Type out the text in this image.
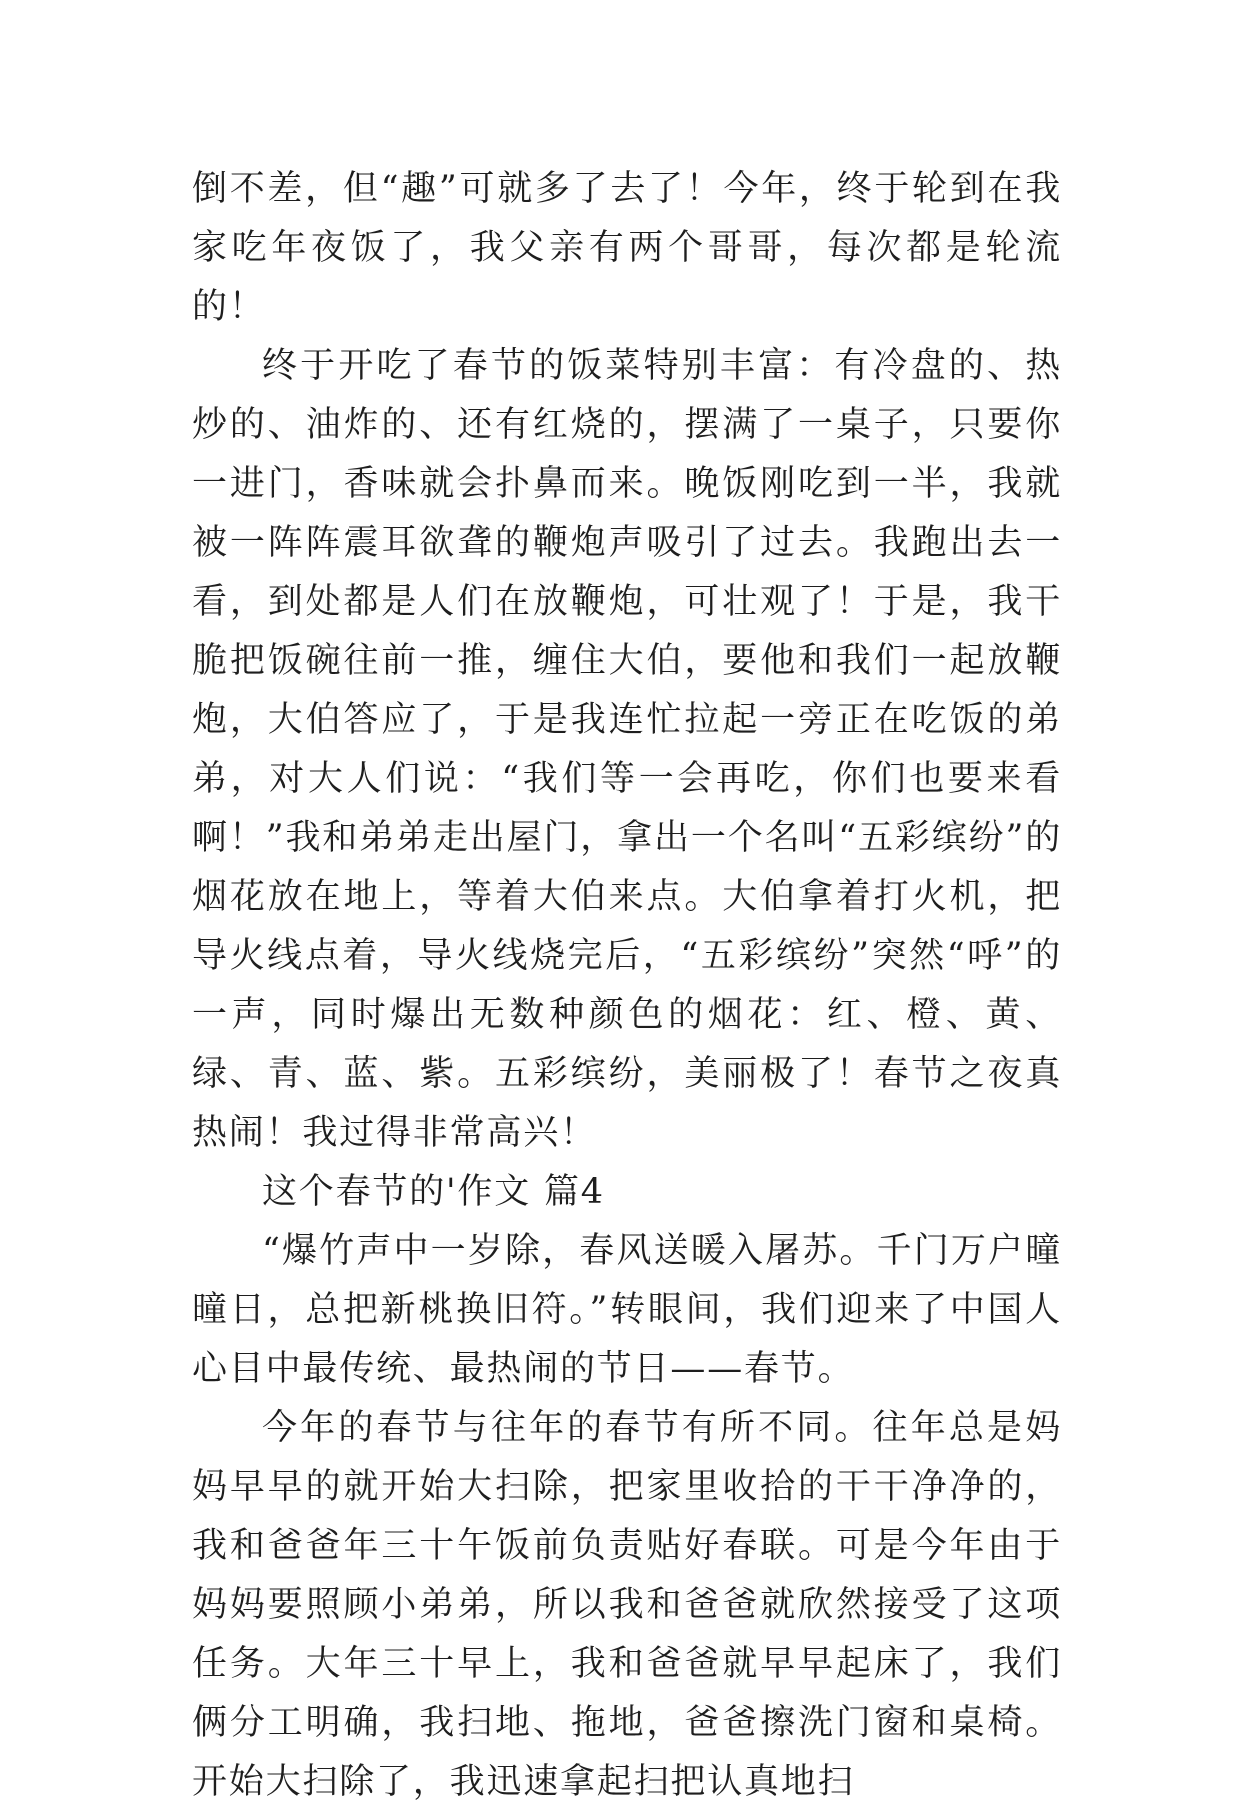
倒不差，但“趣”可就多了去了！今年，终于轮到在我家吃年夜饭了，我父亲有两个哥哥，每次都是轮流的！

终于开吃了春节的饭菜特别丰富：有冷盘的、热炒的、油炸的、还有红烧的，摆满了一桌子，只要你一进门，香味就会扑鼻而来。晚饭刚吃到一半，我就被一阵阵震耳欲聋的鞭炮声吸引了过去。我跑出去一看，到处都是人们在放鞭炮，可壮观了！于是，我干脆把饭碗往前一推，缠住大伯，要他和我们一起放鞭炮，大伯答应了，于是我连忙拉起一旁正在吃饭的弟弟，对大人们说：“我们等一会再吃，你们也要来看啊！”我和弟弟走出屋门，拿出一个名叫“五彩缤纷”的烟花放在地上，等着大伯来点。大伯拿着打火机，把导火线点着，导火线烧完后，“五彩缤纷”突然“呼”的一声，同时爆出无数种颜色的烟花：红、橙、黄、绿、青、蓝、紫。五彩缤纷，美丽极了！春节之夜真热闹！我过得非常高兴！

这个春节的'作文 篇4

“爆竹声中一岁除，春风送暖入屠苏。千门万户曈曈日，总把新桃换旧符。”转眼间，我们迎来了中国人心目中最传统、最热闹的节日——春节。

今年的春节与往年的春节有所不同。往年总是妈妈早早的就开始大扫除，把家里收拾的干干净净的，我和爸爸年三十午饭前负责贴好春联。可是今年由于妈妈要照顾小弟弟，所以我和爸爸就欣然接受了这项任务。大年三十早上，我和爸爸就早早起床了，我们俩分工明确，我扫地、拖地，爸爸擦洗门窗和桌椅。开始大扫除了，我迅速拿起扫把认真地扫
